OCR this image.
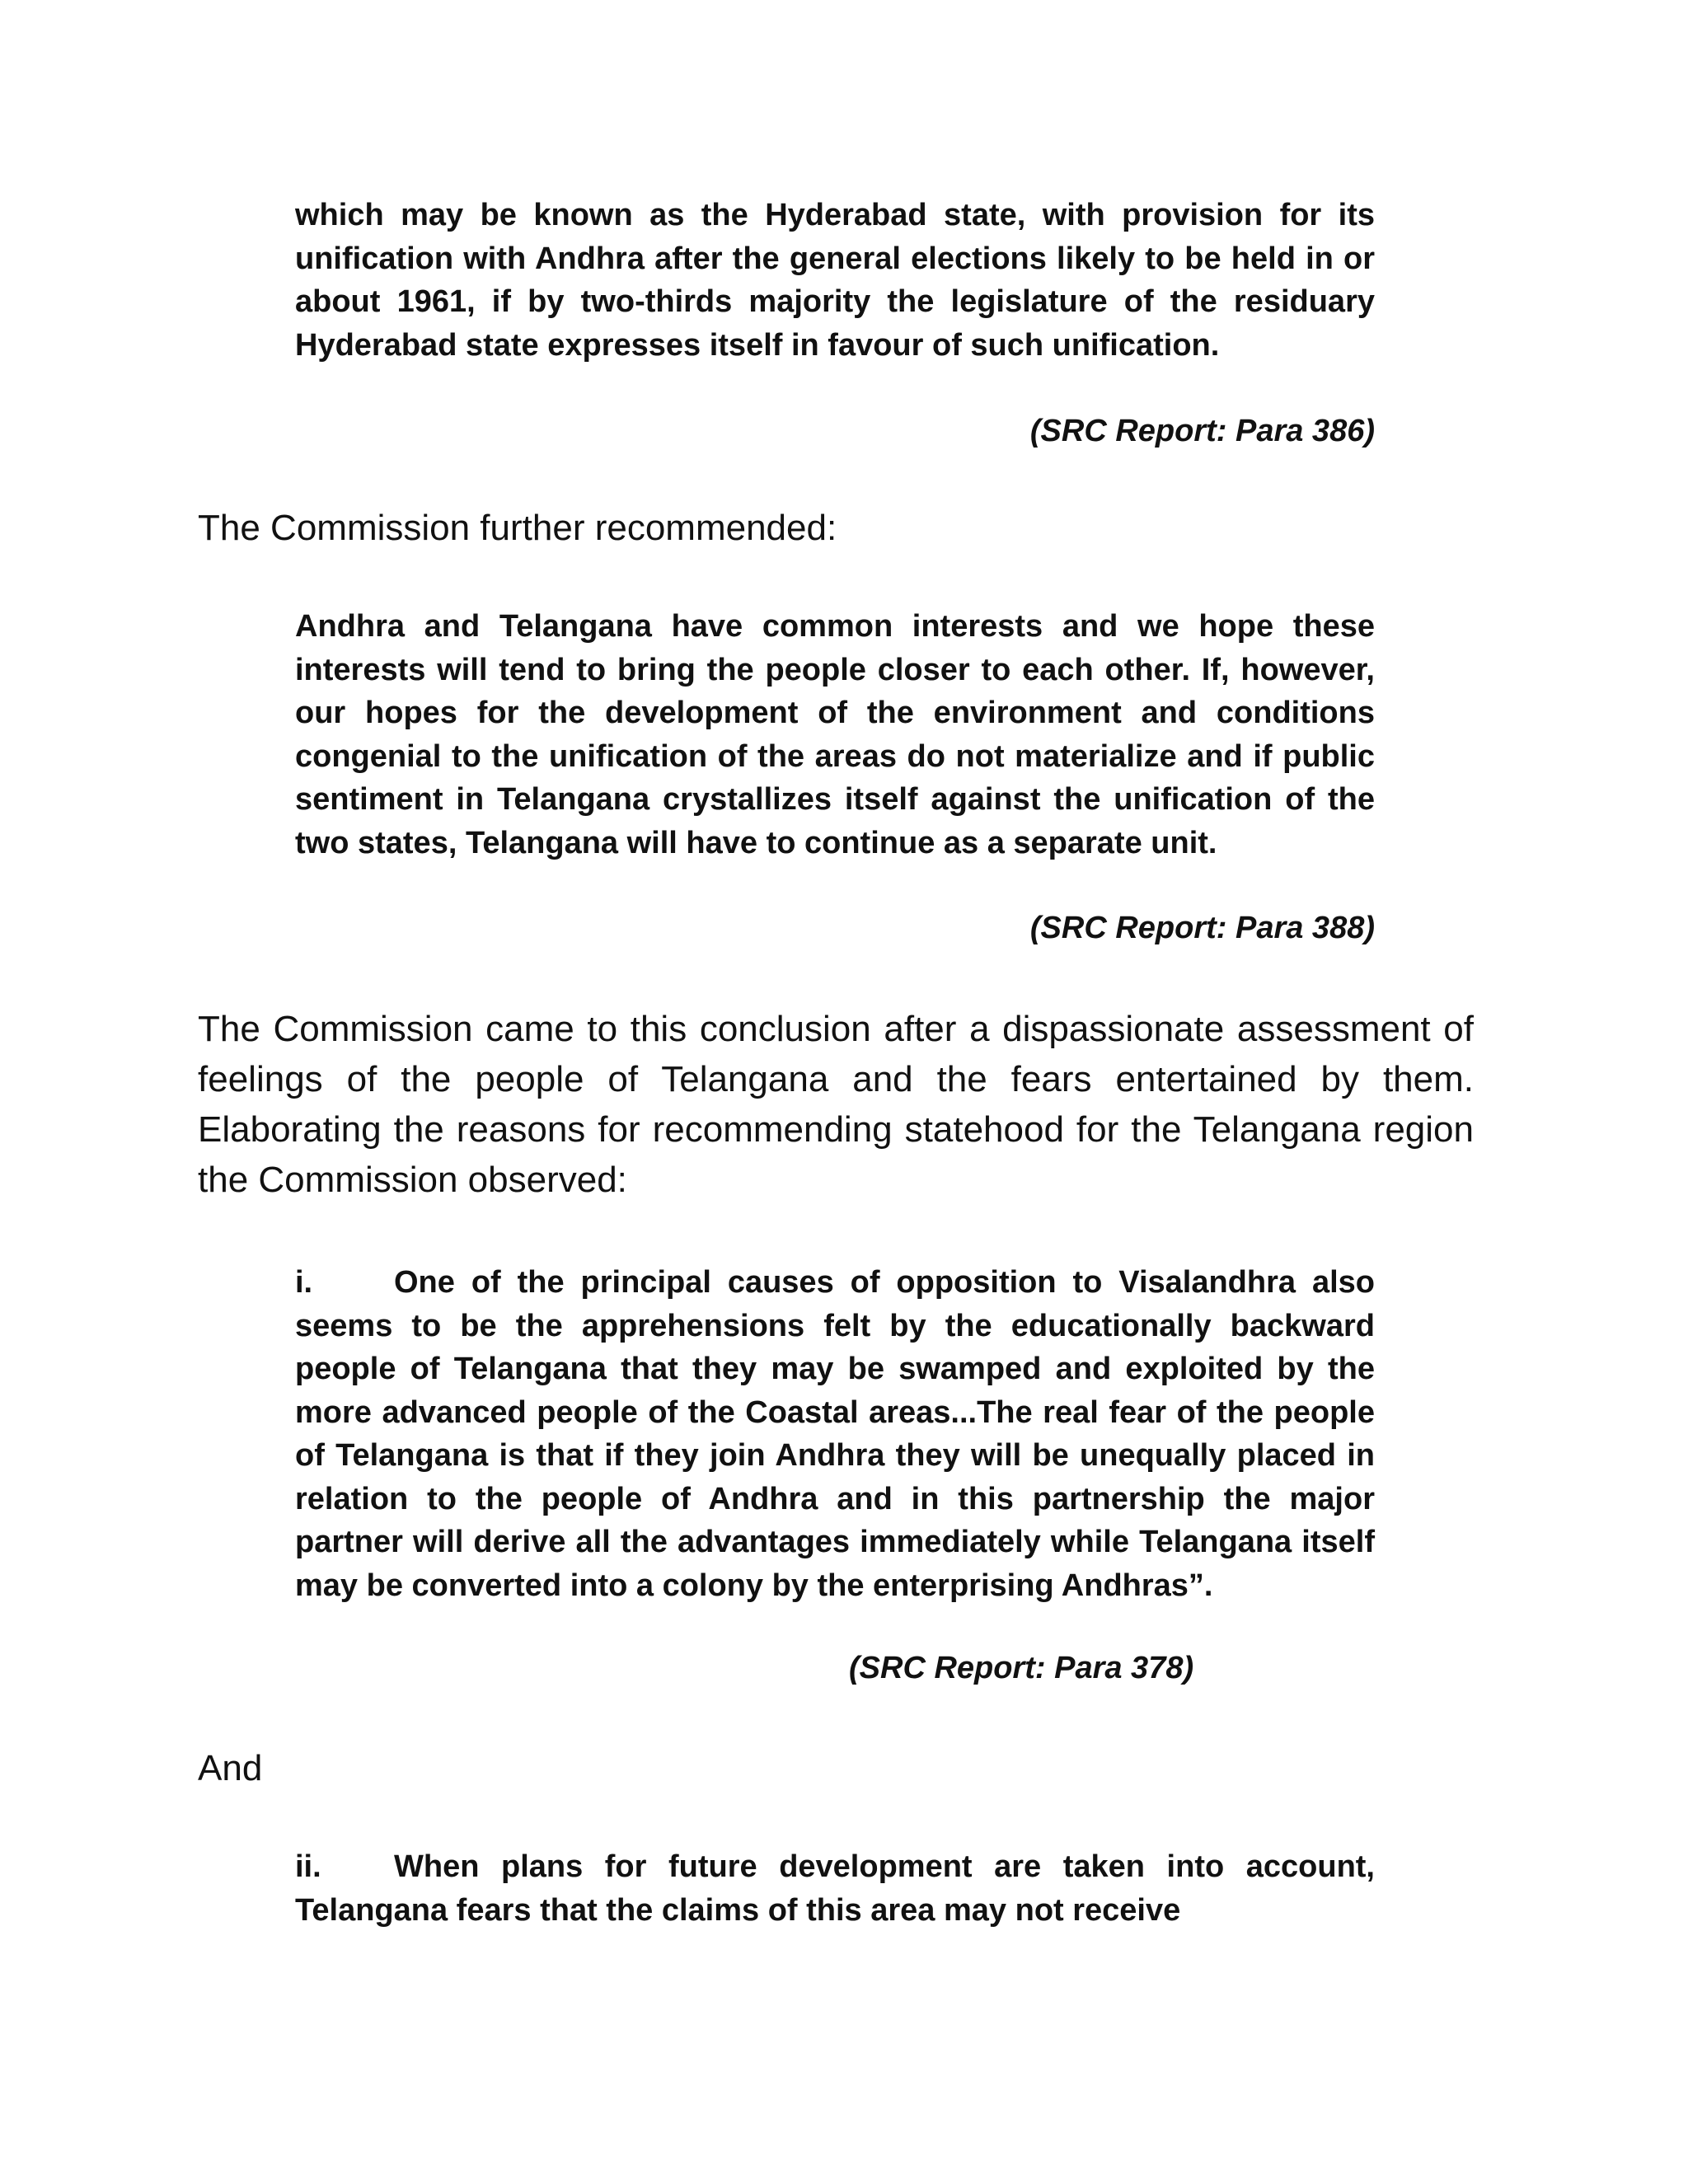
which may be known as the Hyderabad state, with provision for its unification with Andhra after the general elections likely to be held in or about 1961, if by two-thirds majority the legislature of the residuary Hyderabad state expresses itself in favour of such unification.
(SRC Report: Para 386)
The Commission further recommended:
Andhra and Telangana have common interests and we hope these interests will tend to bring the people closer to each other. If, however, our hopes for the development of the environment and conditions congenial to the unification of the areas do not materialize and if public sentiment in Telangana crystallizes itself against the unification of the two states, Telangana will have to continue as a separate unit.
(SRC Report: Para 388)
The Commission came to this conclusion after a dispassionate assessment of feelings of the people of Telangana and the fears entertained by them. Elaborating the reasons for recommending statehood for the Telangana region the Commission observed:
i.	One of the principal causes of opposition to Visalandhra also seems to be the apprehensions felt by the educationally backward people of Telangana that they may be swamped and exploited by the more advanced people of the Coastal areas...The real fear of the people of Telangana is that if they join Andhra they will be unequally placed in relation to the people of Andhra and in this partnership the major partner will derive all the advantages immediately while Telangana itself may be converted into a colony by the enterprising Andhras”.
(SRC Report: Para 378)
And
ii. When plans for future development are taken into account, Telangana fears that the claims of this area may not receive
